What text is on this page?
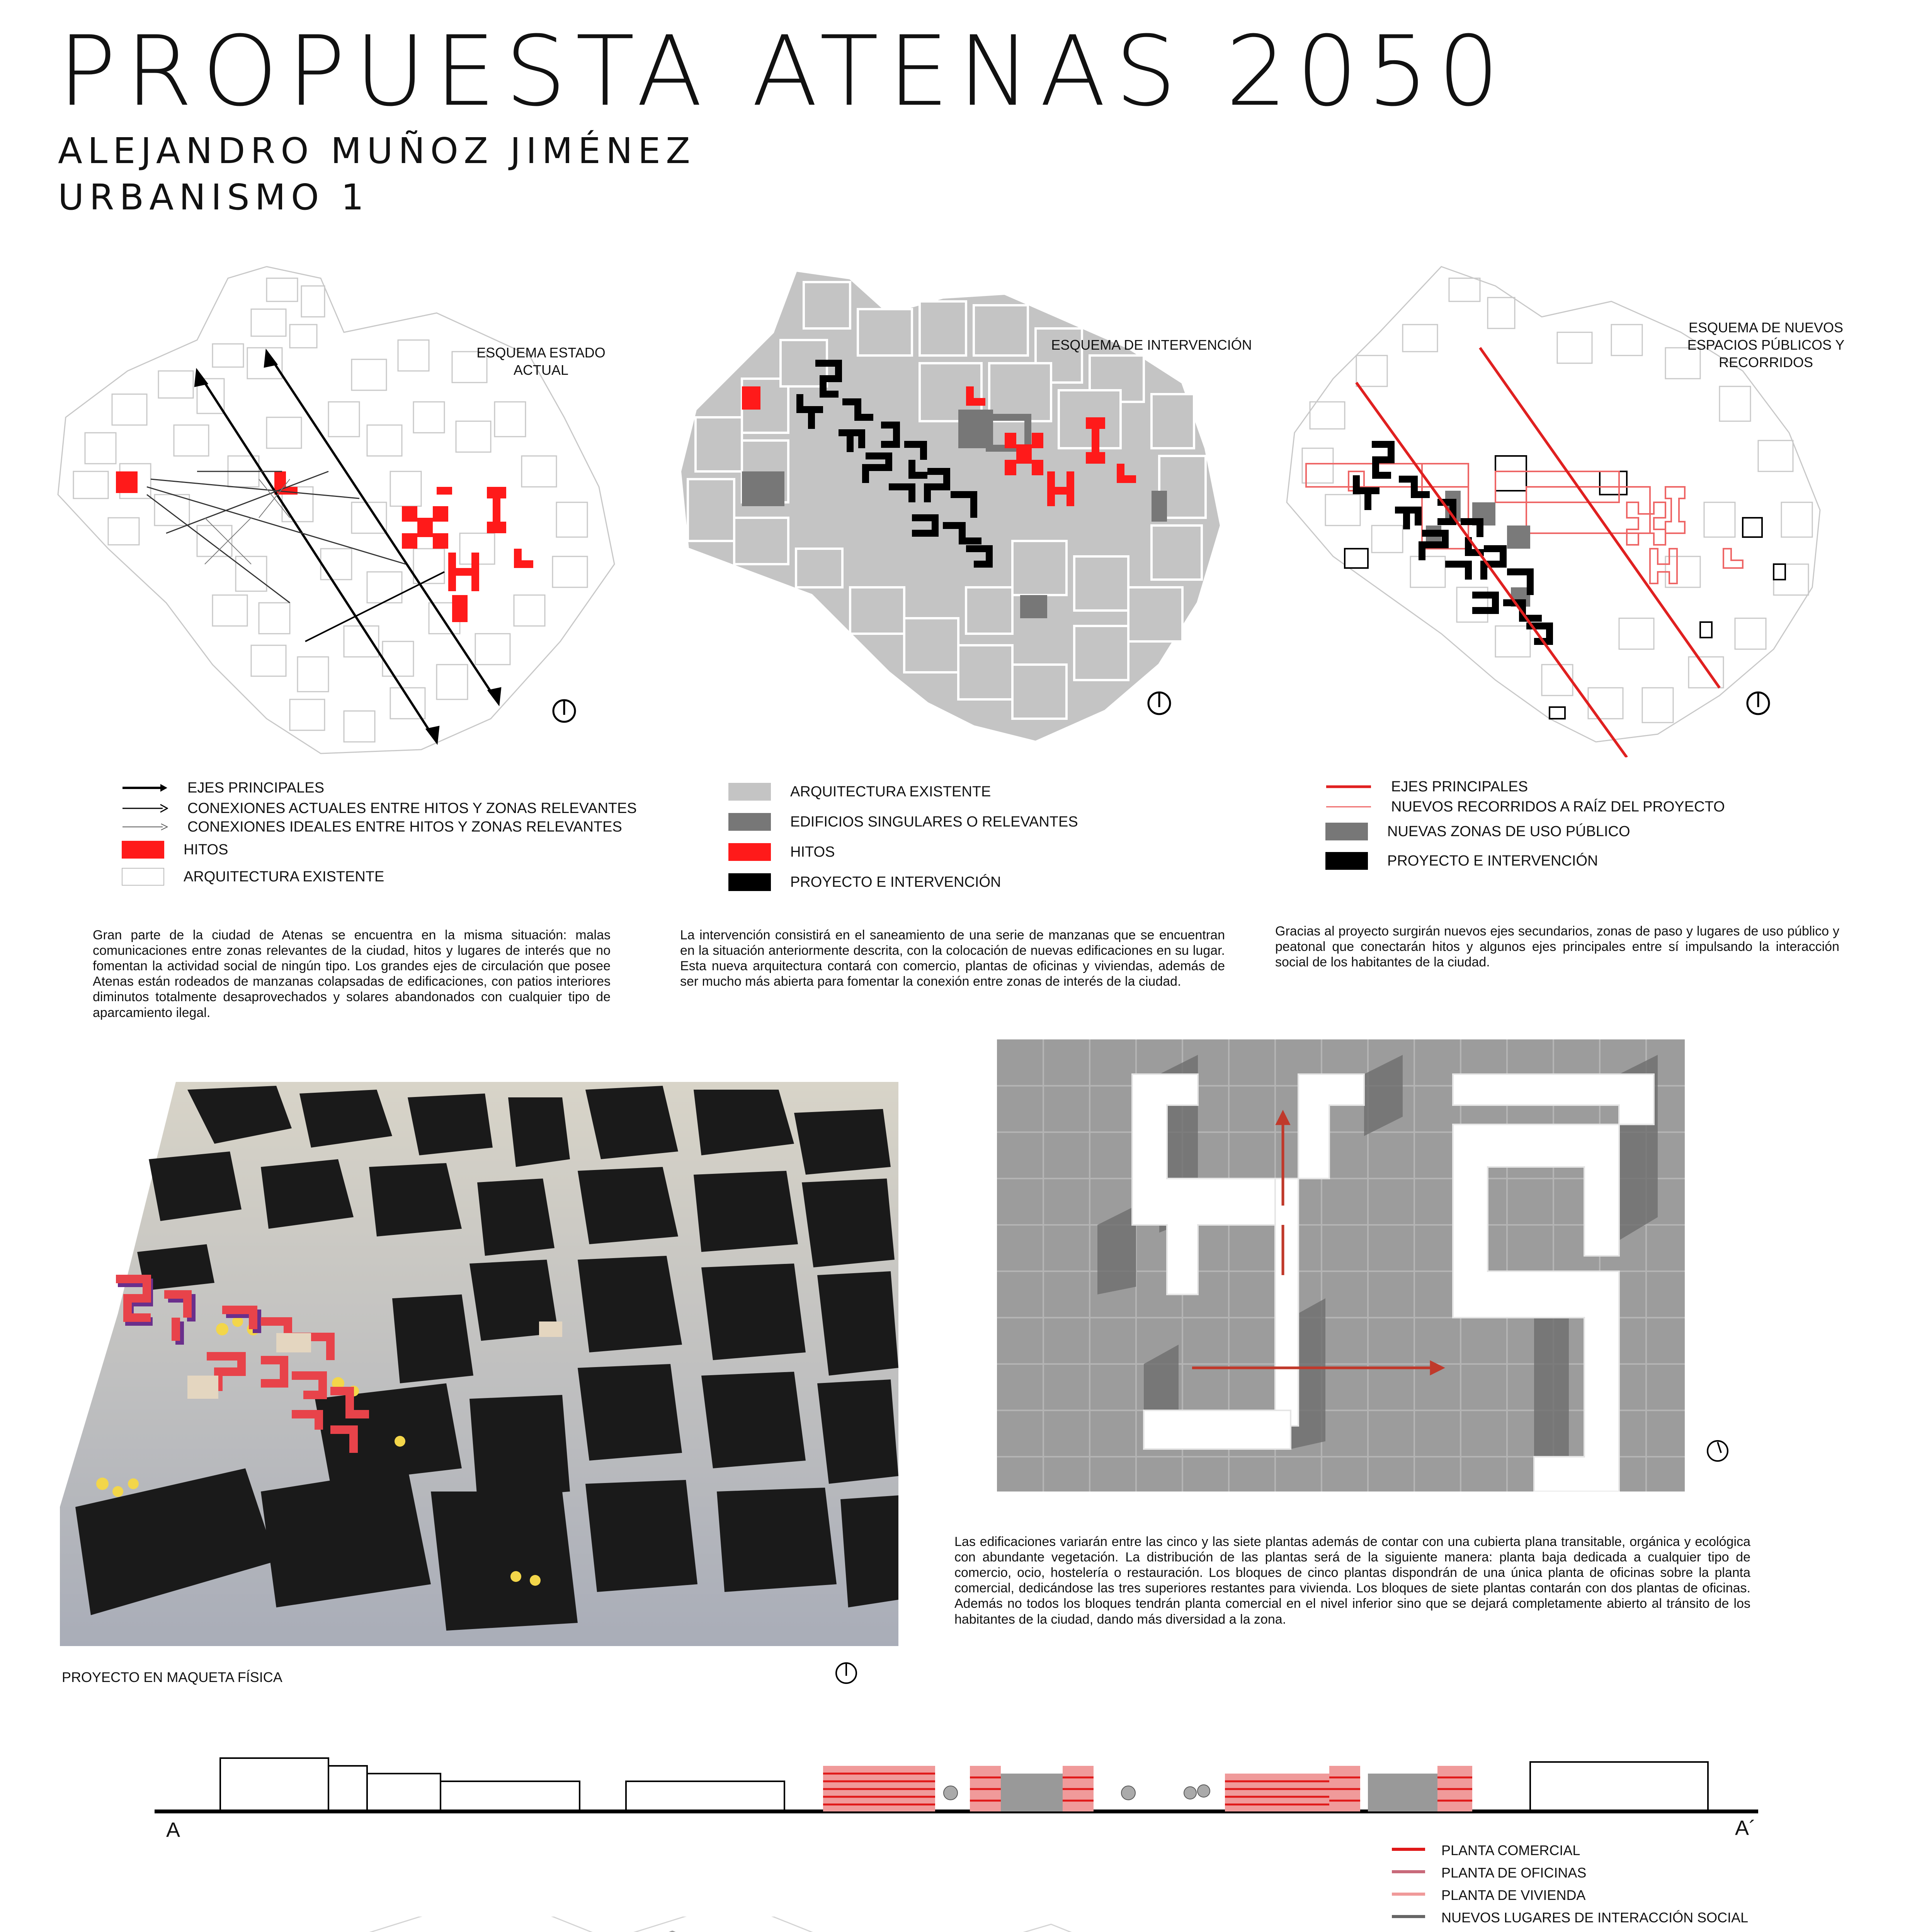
PROPUESTA ATENAS 2050
ALEJANDRO MUÑOZ JIMÉNEZ
URBANISMO 1
ESQUEMA ESTADO ACTUAL
ESQUEMA DE INTERVENCIÓN
ESQUEMA DE NUEVOS ESPACIOS PÚBLICOS Y RECORRIDOS
EJES PRINCIPALES
CONEXIONES ACTUALES ENTRE HITOS Y ZONAS RELEVANTES
CONEXIONES IDEALES ENTRE HITOS Y ZONAS RELEVANTES
HITOS
ARQUITECTURA EXISTENTE
ARQUITECTURA EXISTENTE
EDIFICIOS SINGULARES O RELEVANTES
HITOS
PROYECTO E INTERVENCIÓN
EJES PRINCIPALES
NUEVOS RECORRIDOS A RAÍZ DEL PROYECTO
NUEVAS ZONAS DE USO PÚBLICO
PROYECTO E INTERVENCIÓN
Gran parte de la ciudad de Atenas se encuentra en la misma situación: malas comunicaciones entre zonas relevantes de la ciudad, hitos y lugares de interés que no fomentan la actividad social de ningún tipo. Los grandes ejes de circulación que posee Atenas están rodeados de manzanas colapsadas de edificaciones, con patios interiores diminutos totalmente desaprovechados y solares abandonados con cualquier tipo de aparcamiento ilegal.
La intervención consistirá en el saneamiento de una serie de manzanas que se encuentran en la situación anteriormente descrita, con la colocación de nuevas edificaciones en su lugar. Esta nueva arquitectura contará con comercio, plantas de oficinas y viviendas, además de ser mucho más abierta para fomentar la conexión entre zonas de interés de la ciudad.
Gracias al proyecto surgirán nuevos ejes secundarios, zonas de paso y lugares de uso público y peatonal que conectarán hitos y algunos ejes principales entre sí impulsando la interacción social de los habitantes de la ciudad.
PROYECTO EN MAQUETA FÍSICA
Las edificaciones variarán entre las cinco y las siete plantas además de contar con una cubierta plana transitable, orgánica y ecológica con abundante vegetación. La distribución de las plantas será de la siguiente manera: planta baja dedicada a cualquier tipo de comercio, ocio, hostelería o restauración. Los bloques de cinco plantas dispondrán de una única planta de oficinas sobre la planta comercial, dedicándose las tres superiores restantes para vivienda. Los bloques de siete plantas contarán con dos plantas de oficinas. Además no todos los bloques tendrán planta comercial en el nivel inferior sino que se dejará completamente abierto al tránsito de los habitantes de la ciudad, dando más diversidad a la zona.
A	A´
PLANTA COMERCIAL
PLANTA DE OFICINAS
PLANTA DE VIVIENDA
NUEVOS LUGARES DE INTERACCIÓN SOCIAL
